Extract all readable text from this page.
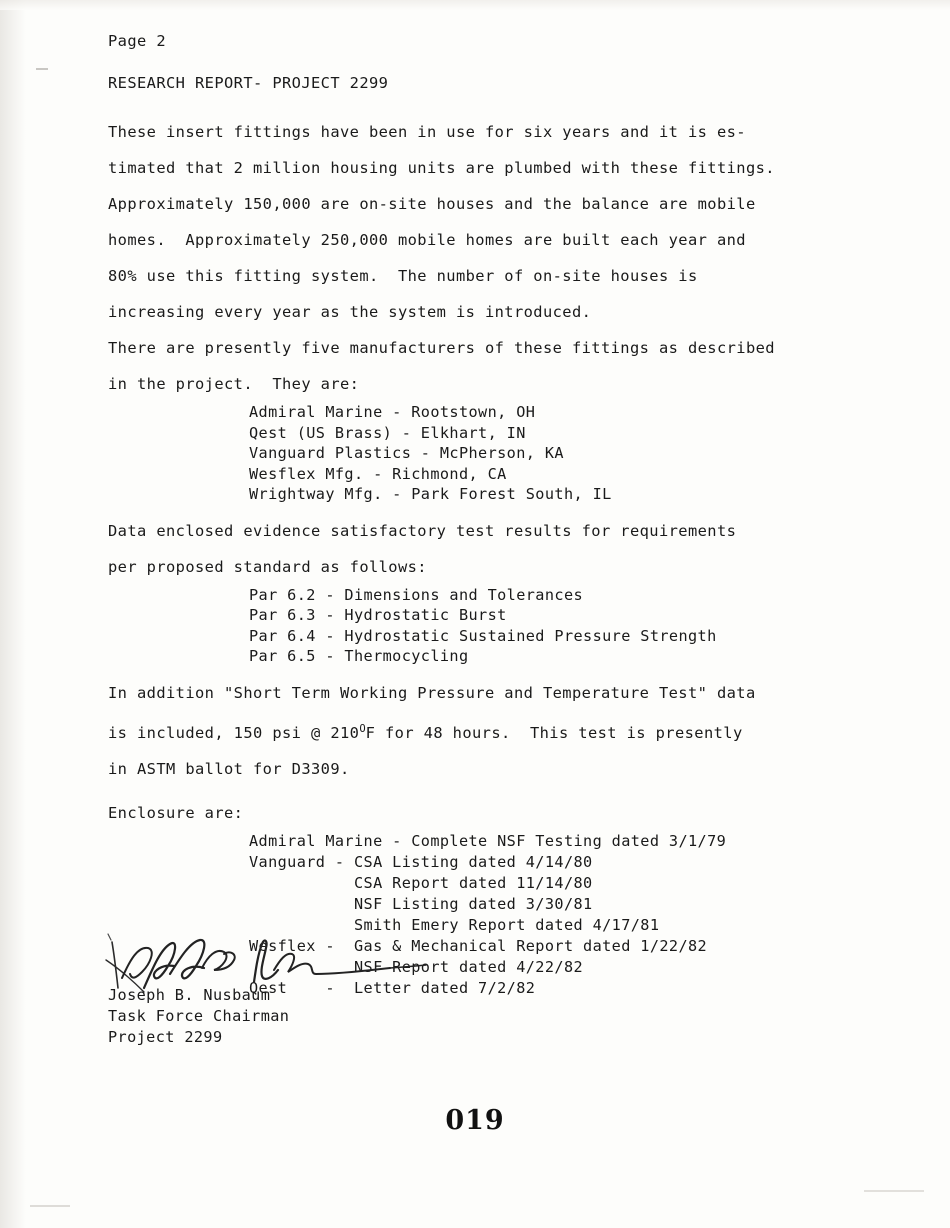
Page 2
RESEARCH REPORT- PROJECT 2299
These insert fittings have been in use for six years and it is es-
timated that 2 million housing units are plumbed with these fittings.
Approximately 150,000 are on-site houses and the balance are mobile
homes.  Approximately 250,000 mobile homes are built each year and
80% use this fitting system.  The number of on-site houses is
increasing every year as the system is introduced.
There are presently five manufacturers of these fittings as described
in the project.  They are:
Admiral Marine - Rootstown, OH
Qest (US Brass) - Elkhart, IN
Vanguard Plastics - McPherson, KA
Wesflex Mfg. - Richmond, CA
Wrightway Mfg. - Park Forest South, IL
Data enclosed evidence satisfactory test results for requirements
per proposed standard as follows:
Par 6.2 - Dimensions and Tolerances
Par 6.3 - Hydrostatic Burst
Par 6.4 - Hydrostatic Sustained Pressure Strength
Par 6.5 - Thermocycling
In addition "Short Term Working Pressure and Temperature Test" data
is included, 150 psi @ $210^OF$ for 48 hours.  This test is presently
in ASTM ballot for D3309.
Enclosure are:
Admiral Marine - Complete NSF Testing dated 3/1/79
Vanguard - CSA Listing dated 4/14/80
CSA Report dated 11/14/80
NSF Listing dated 3/30/81
Smith Emery Report dated 4/17/81
Wesflex -  Gas & Mechanical Report dated 1/22/82
NSF Report dated 4/22/82
Qest    -  Letter dated 7/2/82
Joseph B. Nusbaum
Task Force Chairman
Project 2299
019
